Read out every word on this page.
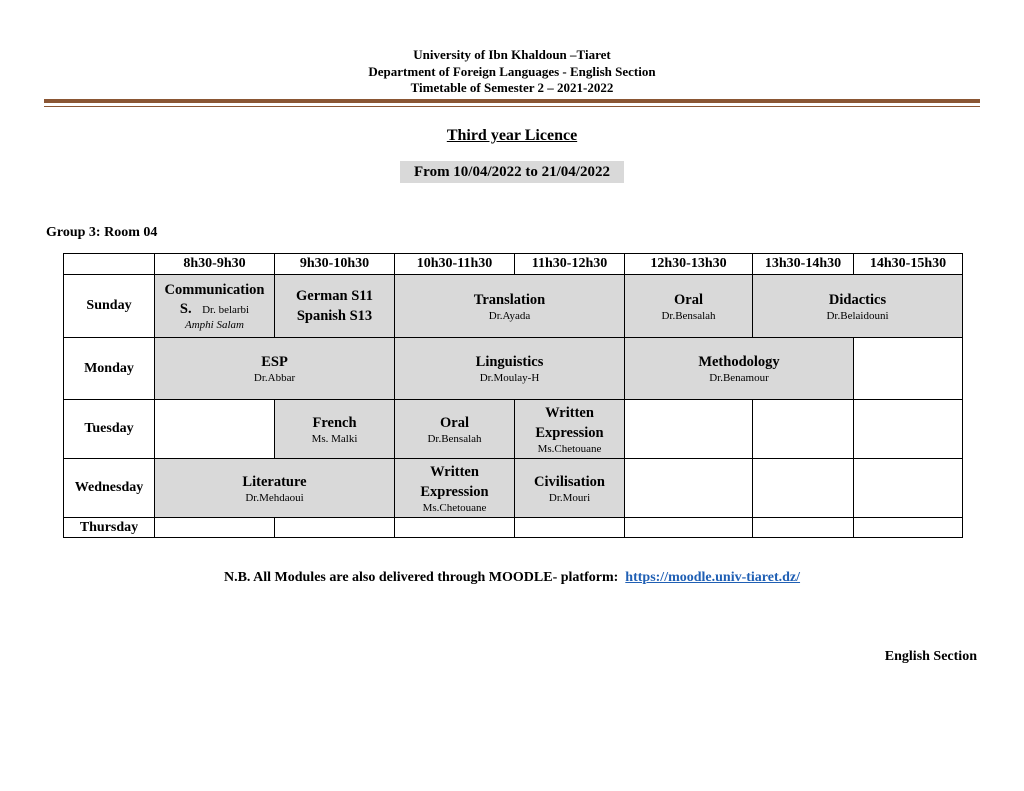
University of Ibn Khaldoun –Tiaret
Department of Foreign Languages - English Section
Timetable of Semester 2 – 2021-2022
Third year Licence
From 10/04/2022 to 21/04/2022
Group 3: Room 04
	8h30-9h30	9h30-10h30	10h30-11h30	11h30-12h30	12h30-13h30	13h30-14h30	14h30-15h30
Sunday	Communication
S. Dr. belarbi
Amphi Salam	German S11
Spanish S13	Translation
Dr.Ayada		Oral
Dr.Bensalah	Didactics
Dr.Belaidouni	

Monday	ESP
Dr.Abbar		Linguistics
Dr.Moulay-H		Methodology
Dr.Benamour		

Tuesday		French
Ms. Malki	Oral
Dr.Bensalah	Written
Expression
Ms.Chetouane			

Wednesday	Literature
Dr.Mehdaoui		Written
Expression
Ms.Chetouane	Civilisation
Dr.Mouri			

Thursday							
N.B. All Modules are also delivered through MOODLE- platform: https://moodle.univ-tiaret.dz/
English Section
